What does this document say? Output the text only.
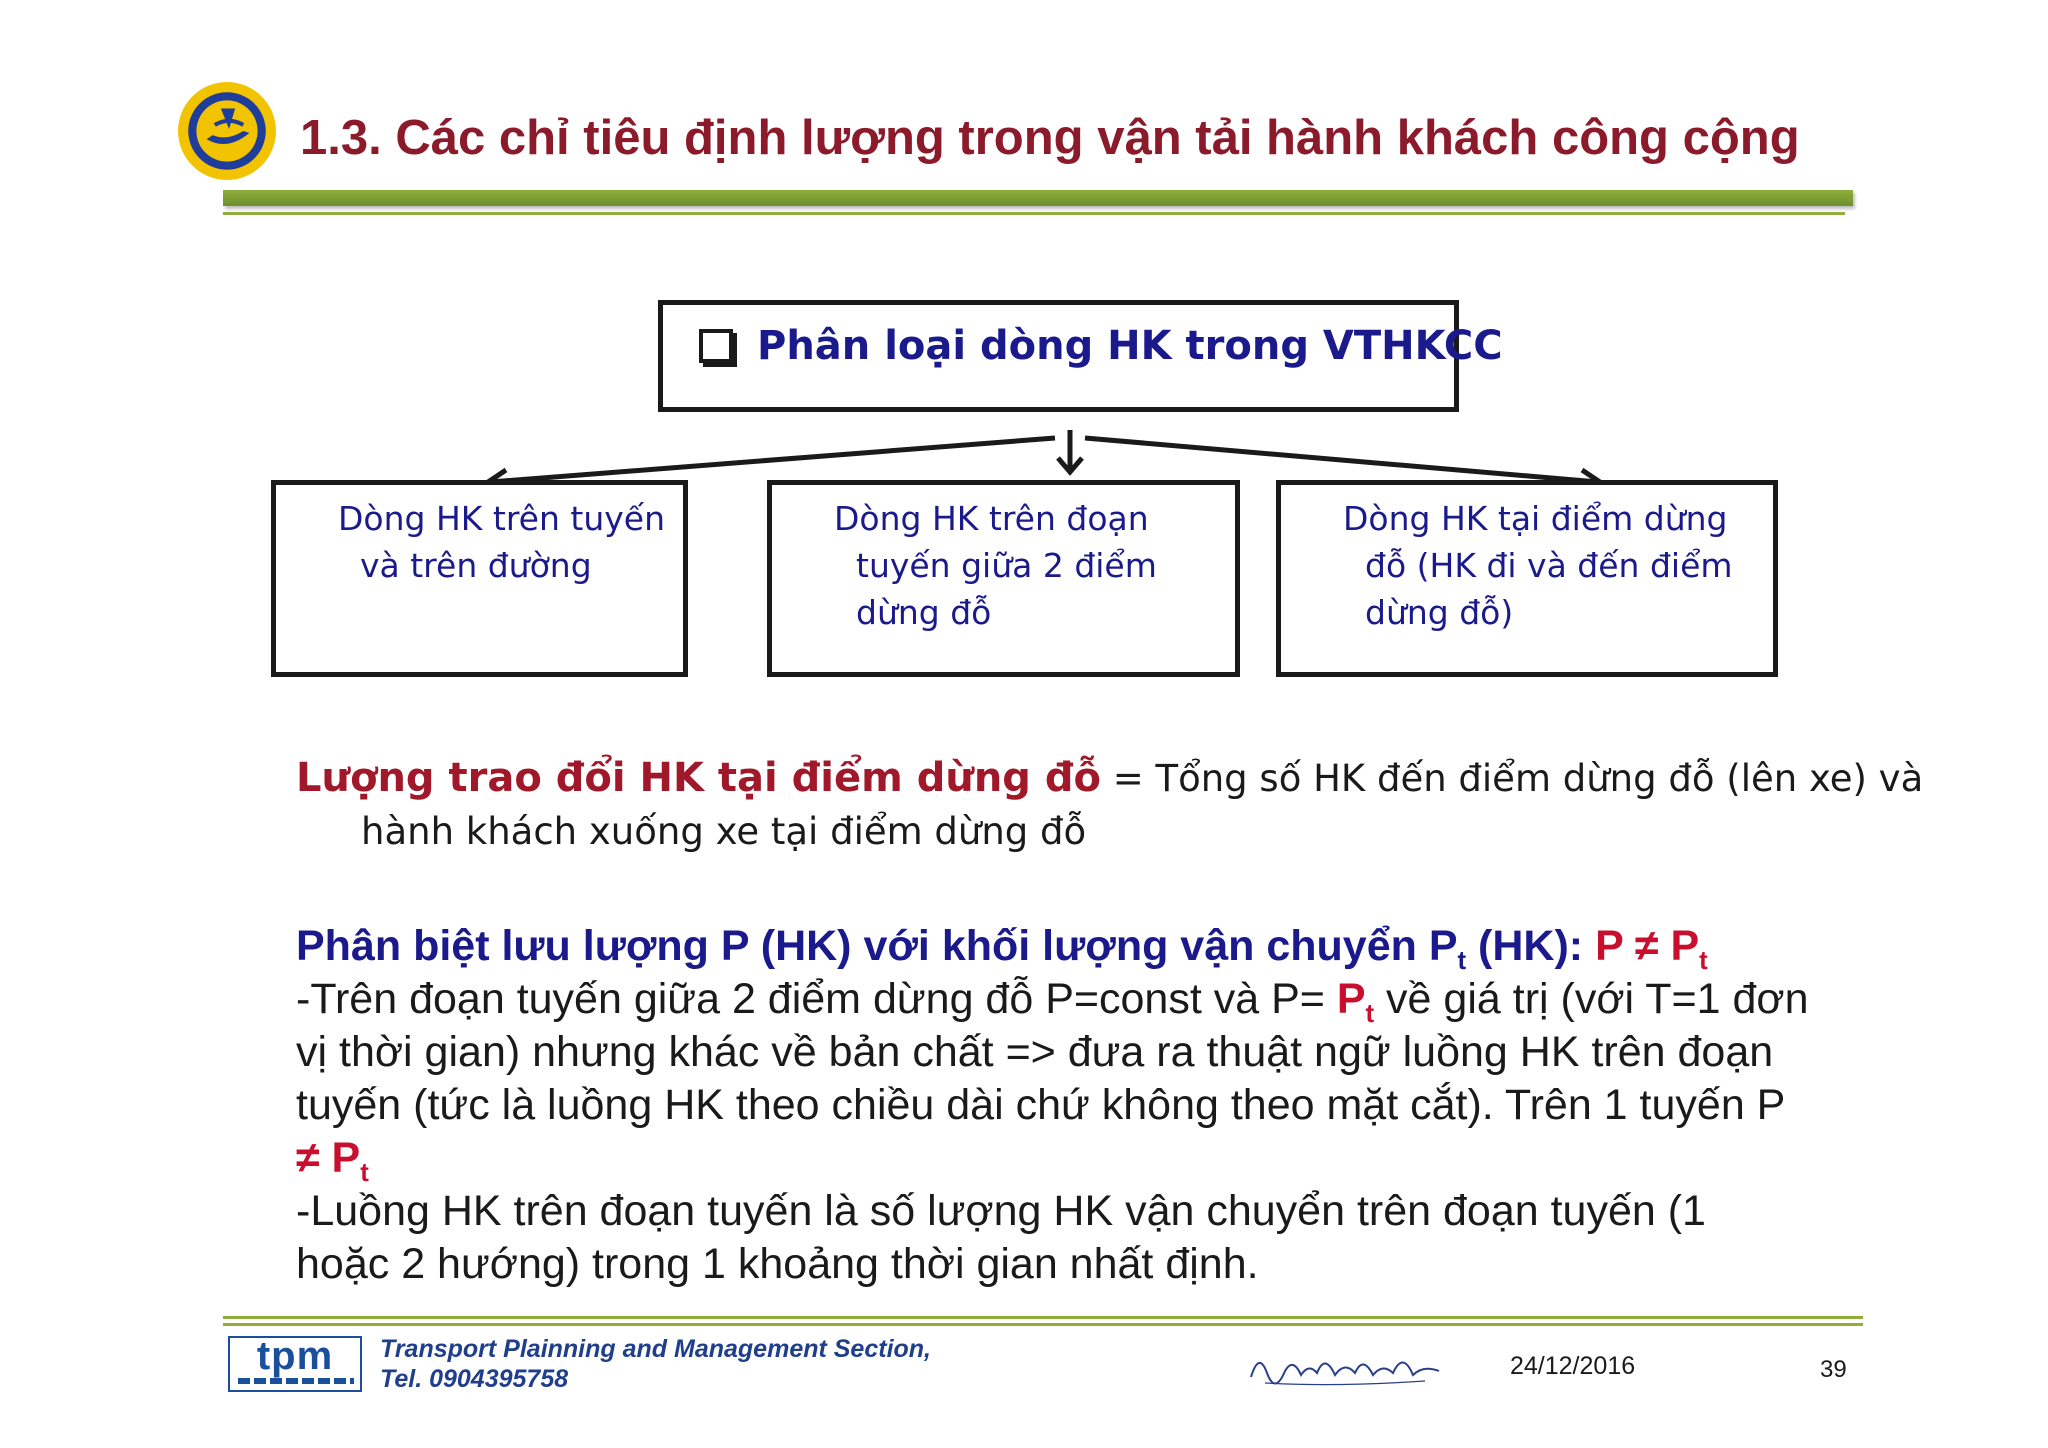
1.3. Các chỉ tiêu định lượng trong vận tải hành khách công cộng
Phân loại dòng HK trong VTHKCC
Dòng HK trên tuyến
và trên đường
Dòng HK trên đoạn
tuyến giữa 2 điểm
dừng đỗ
Dòng HK tại điểm dừng
đỗ (HK đi và đến điểm
dừng đỗ)
Lượng trao đổi HK tại điểm dừng đỗ = Tổng số HK đến điểm dừng đỗ (lên xe) và
hành khách xuống xe tại điểm dừng đỗ
Phân biệt lưu lượng P (HK) với khối lượng vận chuyển $P_t$ (HK): $P \ne P_t$
-Trên đoạn tuyến giữa 2 điểm dừng đỗ P=const và $P= P_t$ về giá trị (với T=1 đơn
vị thời gian) nhưng khác về bản chất => đưa ra thuật ngữ luồng HK trên đoạn
tuyến (tức là luồng HK theo chiều dài chứ không theo mặt cắt). Trên 1 tuyến P
≠ $P_t$
-Luồng HK trên đoạn tuyến là số lượng HK vận chuyển trên đoạn tuyến (1
hoặc 2 hướng) trong 1 khoảng thời gian nhất định.
tpm	Transport Plainning and Management Section,
Tel. 0904395758	24/12/2016	39
